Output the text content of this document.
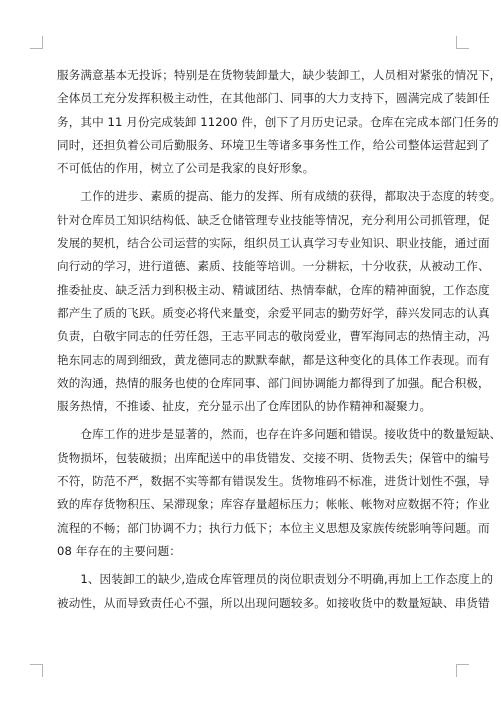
服务满意基本无投诉；特别是在货物装卸量大，缺少装卸工，人员相对紧张的情况下，
全体员工充分发挥积极主动性，在其他部门、同事的大力支持下，圆满完成了装卸任
务，其中 11 月份完成装卸 11200 件，创下了月历史记录。仓库在完成本部门任务的
同时，还担负着公司后勤服务、环境卫生等诸多事务性工作，给公司整体运营起到了
不可低估的作用，树立了公司是我家的良好形象。
　　工作的进步、素质的提高、能力的发挥、所有成绩的获得，都取决于态度的转变。
针对仓库员工知识结构低、缺乏仓储管理专业技能等情况，充分利用公司抓管理，促
发展的契机，结合公司运营的实际，组织员工认真学习专业知识、职业技能，通过面
向行动的学习，进行道德、素质、技能等培训。一分耕耘，十分收获，从被动工作、
推委扯皮、缺乏活力到积极主动、精诚团结、热情奉献，仓库的精神面貌，工作态度
都产生了质的飞跃。质变必将代来量变，余爱平同志的勤劳好学，薛兴发同志的认真
负责，白敬宇同志的任劳任怨，王志平同志的敬岗爱业，曹军海同志的热情主动，冯
艳东同志的周到细致，黄龙德同志的默默奉献，都是这种变化的具体工作表现。而有
效的沟通，热情的服务也使的仓库同事、部门间协调能力都得到了加强。配合积极，
服务热情，不推诿、扯皮，充分显示出了仓库团队的协作精神和凝聚力。
　　仓库工作的进步是显著的，然而，也存在许多问题和错误。接收货中的数量短缺、
货物损坏，包装破损；出库配送中的串货错发、交接不明、货物丢失；保管中的编号
不符，防范不严，数据不实等都有错误发生。货物堆码不标准，进货计划性不强，导
致的库存货物积压、呆滞现象；库容存量超标压力；帐帐、帐物对应数据不符；作业
流程的不畅；部门协调不力；执行力低下；本位主义思想及家族传统影响等问题。而
08 年存在的主要问题：
　　1、因装卸工的缺少,造成仓库管理员的岗位职责划分不明确,再加上工作态度上的
被动性，从而导致责任心不强，所以出现问题较多。如接收货中的数量短缺、串货错
